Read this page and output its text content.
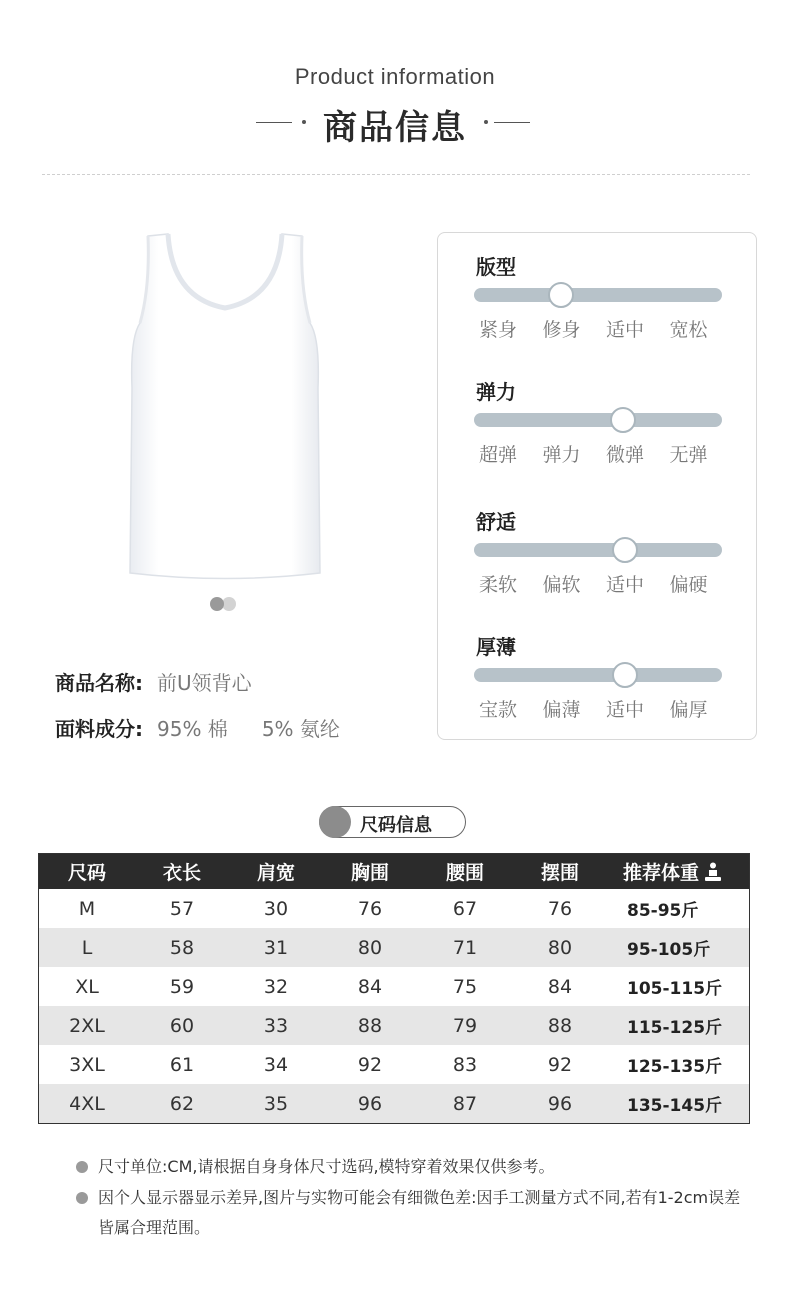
Product information
商品信息
商品名称: 前U领背心
面料成分: 95% 棉 5% 氨纶
版型
紧身	修身	适中	宽松
弹力
超弹	弹力	微弹	无弹
舒适
柔软	偏软	适中	偏硬
厚薄
宝款	偏薄	适中	偏厚
尺码信息
尺码	衣长	肩宽	胸围	腰围	摆围	推荐体重
M	57	30	76	67	76	85-95斤
L	58	31	80	71	80	95-105斤
XL	59	32	84	75	84	105-115斤
2XL	60	33	88	79	88	115-125斤
3XL	61	34	92	83	92	125-135斤
4XL	62	35	96	87	96	135-145斤
尺寸单位:CM,请根据自身身体尺寸选码,模特穿着效果仅供参考。
因个人显示器显示差异,图片与实物可能会有细微色差:因手工测量方式不同,若有1-2cm误差皆属合理范围。
